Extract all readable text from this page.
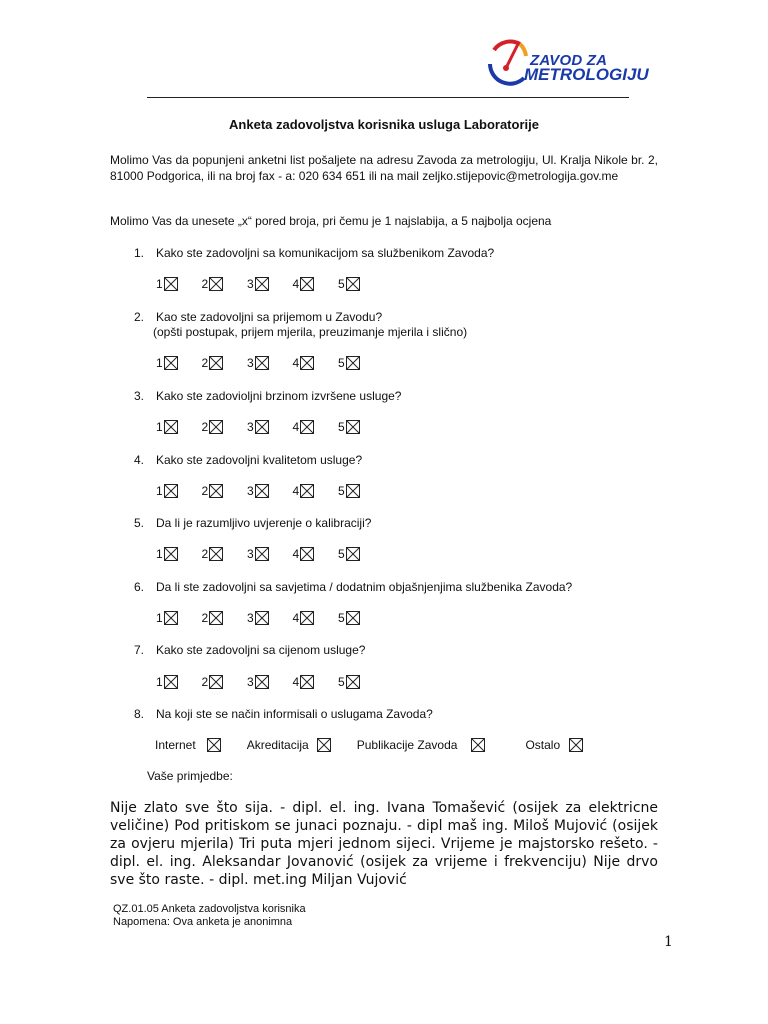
ZAVOD ZA
METROLOGIJU
Anketa zadovoljstva korisnika usluga Laboratorije
Molimo Vas da popunjeni anketni list pošaljete na adresu Zavoda za metrologiju, Ul. Kralja Nikole br. 2, 81000 Podgorica, ili na broj fax - a: 020 634 651 ili na mail zeljko.stijepovic@metrologija.gov.me
Molimo Vas da unesete „x“ pored broja, pri čemu je 1 najslabija, a 5 najbolja ocjena
1. Kako ste zadovoljni sa komunikacijom sa službenikom Zavoda?
1	2	3	4	5
2. Kao ste zadovoljni sa prijemom u Zavodu?
(opšti postupak, prijem mjerila, preuzimanje mjerila i slično)
1	2	3	4	5
3. Kako ste zadovioljni brzinom izvršene usluge?
1	2	3	4	5
4. Kako ste zadovoljni kvalitetom usluge?
1	2	3	4	5
5. Da li je razumljivo uvjerenje o kalibraciji?
1	2	3	4	5
6. Da li ste zadovoljni sa savjetima / dodatnim objašnjenjima službenika Zavoda?
1	2	3	4	5
7. Kako ste zadovoljni sa cijenom usluge?
1	2	3	4	5
8. Na koji ste se način informisali o uslugama Zavoda?
Internet	Akreditacija	Publikacije Zavoda	Ostalo
Vaše primjedbe:
Nije zlato sve što sija. - dipl. el. ing. Ivana Tomašević (osijek za elektricne veličine) Pod pritiskom se junaci poznaju. - dipl maš ing. Miloš Mujović (osijek za ovjeru mjerila) Tri puta mjeri jednom sijeci. Vrijeme je majstorsko rešeto. - dipl. el. ing. Aleksandar Jovanović (osijek za vrijeme i frekvenciju) Nije drvo sve što raste. - dipl. met.ing Miljan Vujović
QZ.01.05 Anketa zadovoljstva korisnika
Napomena: Ova anketa je anonimna
1
